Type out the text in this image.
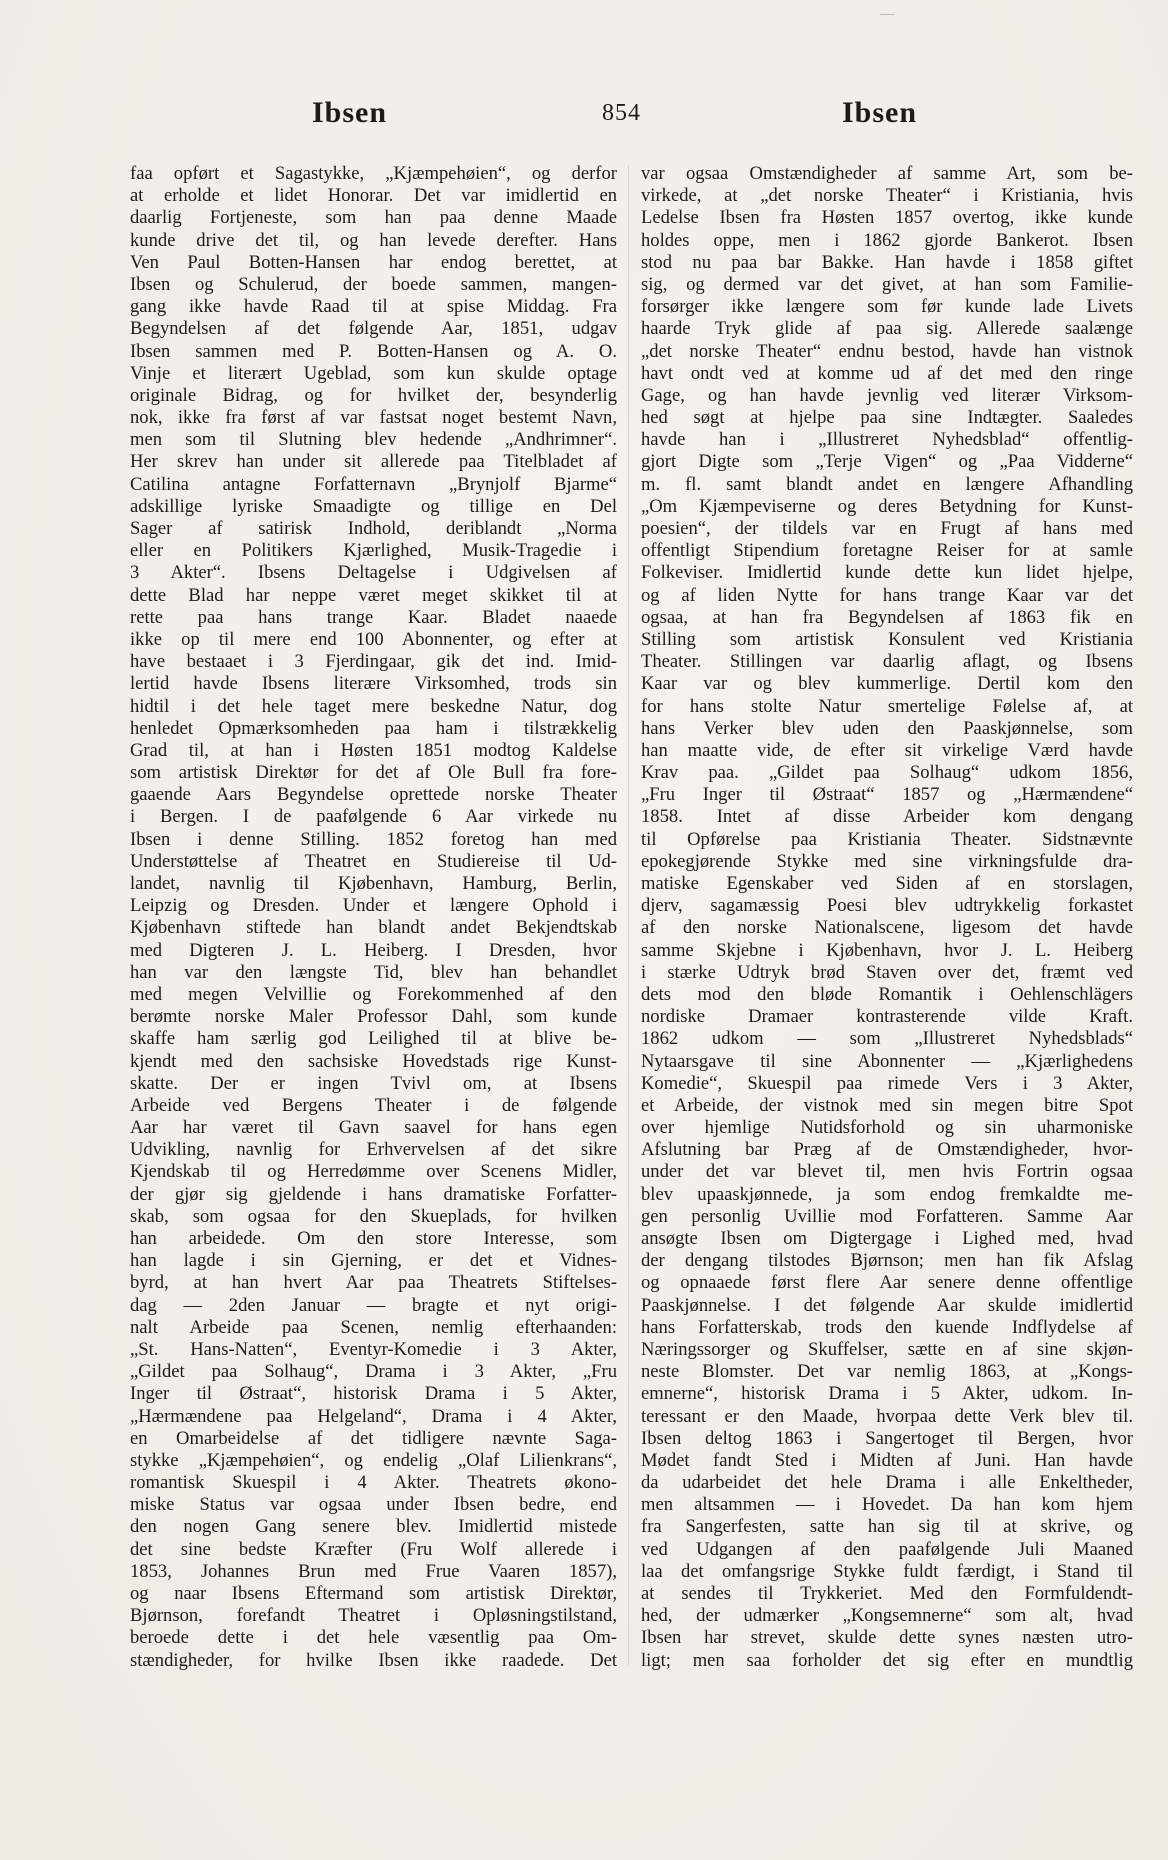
Ibsen	854	Ibsen
faa opført et Sagastykke, „Kjæmpehøien“, og derfor
at erholde et lidet Honorar. Det var imidlertid en
daarlig Fortjeneste, som han paa denne Maade
kunde drive det til, og han levede derefter. Hans
Ven Paul Botten-Hansen har endog berettet, at
Ibsen og Schulerud, der boede sammen, mangen-
gang ikke havde Raad til at spise Middag. Fra
Begyndelsen af det følgende Aar, 1851, udgav
Ibsen sammen med P. Botten-Hansen og A. O.
Vinje et literært Ugeblad, som kun skulde optage
originale Bidrag, og for hvilket der, besynderlig
nok, ikke fra først af var fastsat noget bestemt Navn,
men som til Slutning blev hedende „Andhrimner“.
Her skrev han under sit allerede paa Titelbladet af
Catilina antagne Forfatternavn „Brynjolf Bjarme“
adskillige lyriske Smaadigte og tillige en Del
Sager af satirisk Indhold, deriblandt „Norma
eller en Politikers Kjærlighed, Musik-Tragedie i
3 Akter“. Ibsens Deltagelse i Udgivelsen af
dette Blad har neppe været meget skikket til at
rette paa hans trange Kaar. Bladet naaede
ikke op til mere end 100 Abonnenter, og efter at
have bestaaet i 3 Fjerdingaar, gik det ind. Imid-
lertid havde Ibsens literære Virksomhed, trods sin
hidtil i det hele taget mere beskedne Natur, dog
henledet Opmærksomheden paa ham i tilstrækkelig
Grad til, at han i Høsten 1851 modtog Kaldelse
som artistisk Direktør for det af Ole Bull fra fore-
gaaende Aars Begyndelse oprettede norske Theater
i Bergen. I de paafølgende 6 Aar virkede nu
Ibsen i denne Stilling. 1852 foretog han med
Understøttelse af Theatret en Studiereise til Ud-
landet, navnlig til Kjøbenhavn, Hamburg, Berlin,
Leipzig og Dresden. Under et længere Ophold i
Kjøbenhavn stiftede han blandt andet Bekjendtskab
med Digteren J. L. Heiberg. I Dresden, hvor
han var den længste Tid, blev han behandlet
med megen Velvillie og Forekommenhed af den
berømte norske Maler Professor Dahl, som kunde
skaffe ham særlig god Leilighed til at blive be-
kjendt med den sachsiske Hovedstads rige Kunst-
skatte. Der er ingen Tvivl om, at Ibsens
Arbeide ved Bergens Theater i de følgende
Aar har været til Gavn saavel for hans egen
Udvikling, navnlig for Erhvervelsen af det sikre
Kjendskab til og Herredømme over Scenens Midler,
der gjør sig gjeldende i hans dramatiske Forfatter-
skab, som ogsaa for den Skueplads, for hvilken
han arbeidede. Om den store Interesse, som
han lagde i sin Gjerning, er det et Vidnes-
byrd, at han hvert Aar paa Theatrets Stiftelses-
dag — 2den Januar — bragte et nyt origi-
nalt Arbeide paa Scenen, nemlig efterhaanden:
„St. Hans-Natten“, Eventyr-Komedie i 3 Akter,
„Gildet paa Solhaug“, Drama i 3 Akter, „Fru
Inger til Østraat“, historisk Drama i 5 Akter,
„Hærmændene paa Helgeland“, Drama i 4 Akter,
en Omarbeidelse af det tidligere nævnte Saga-
stykke „Kjæmpehøien“, og endelig „Olaf Lilienkrans“,
romantisk Skuespil i 4 Akter. Theatrets økono-
miske Status var ogsaa under Ibsen bedre, end
den nogen Gang senere blev. Imidlertid mistede
det sine bedste Kræfter (Fru Wolf allerede i
1853, Johannes Brun med Frue Vaaren 1857),
og naar Ibsens Eftermand som artistisk Direktør,
Bjørnson, forefandt Theatret i Opløsningstilstand,
beroede dette i det hele væsentlig paa Om-
stændigheder, for hvilke Ibsen ikke raadede. Det
var ogsaa Omstændigheder af samme Art, som be-
virkede, at „det norske Theater“ i Kristiania, hvis
Ledelse Ibsen fra Høsten 1857 overtog, ikke kunde
holdes oppe, men i 1862 gjorde Bankerot. Ibsen
stod nu paa bar Bakke. Han havde i 1858 giftet
sig, og dermed var det givet, at han som Familie-
forsørger ikke længere som før kunde lade Livets
haarde Tryk glide af paa sig. Allerede saalænge
„det norske Theater“ endnu bestod, havde han vistnok
havt ondt ved at komme ud af det med den ringe
Gage, og han havde jevnlig ved literær Virksom-
hed søgt at hjelpe paa sine Indtægter. Saaledes
havde han i „Illustreret Nyhedsblad“ offentlig-
gjort Digte som „Terje Vigen“ og „Paa Vidderne“
m. fl. samt blandt andet en længere Afhandling
„Om Kjæmpeviserne og deres Betydning for Kunst-
poesien“, der tildels var en Frugt af hans med
offentligt Stipendium foretagne Reiser for at samle
Folkeviser. Imidlertid kunde dette kun lidet hjelpe,
og af liden Nytte for hans trange Kaar var det
ogsaa, at han fra Begyndelsen af 1863 fik en
Stilling som artistisk Konsulent ved Kristiania
Theater. Stillingen var daarlig aflagt, og Ibsens
Kaar var og blev kummerlige. Dertil kom den
for hans stolte Natur smertelige Følelse af, at
hans Verker blev uden den Paaskjønnelse, som
han maatte vide, de efter sit virkelige Værd havde
Krav paa. „Gildet paa Solhaug“ udkom 1856,
„Fru Inger til Østraat“ 1857 og „Hærmændene“
1858. Intet af disse Arbeider kom dengang
til Opførelse paa Kristiania Theater. Sidstnævnte
epokegjørende Stykke med sine virkningsfulde dra-
matiske Egenskaber ved Siden af en storslagen,
djerv, sagamæssig Poesi blev udtrykkelig forkastet
af den norske Nationalscene, ligesom det havde
samme Skjebne i Kjøbenhavn, hvor J. L. Heiberg
i stærke Udtryk brød Staven over det, fræmt ved
dets mod den bløde Romantik i Oehlenschlägers
nordiske Dramaer kontrasterende vilde Kraft.
1862 udkom — som „Illustreret Nyhedsblads“
Nytaarsgave til sine Abonnenter — „Kjærlighedens
Komedie“, Skuespil paa rimede Vers i 3 Akter,
et Arbeide, der vistnok med sin megen bitre Spot
over hjemlige Nutidsforhold og sin uharmoniske
Afslutning bar Præg af de Omstændigheder, hvor-
under det var blevet til, men hvis Fortrin ogsaa
blev upaaskjønnede, ja som endog fremkaldte me-
gen personlig Uvillie mod Forfatteren. Samme Aar
ansøgte Ibsen om Digtergage i Lighed med, hvad
der dengang tilstodes Bjørnson; men han fik Afslag
og opnaaede først flere Aar senere denne offentlige
Paaskjønnelse. I det følgende Aar skulde imidlertid
hans Forfatterskab, trods den kuende Indflydelse af
Næringssorger og Skuffelser, sætte en af sine skjøn-
neste Blomster. Det var nemlig 1863, at „Kongs-
emnerne“, historisk Drama i 5 Akter, udkom. In-
teressant er den Maade, hvorpaa dette Verk blev til.
Ibsen deltog 1863 i Sangertoget til Bergen, hvor
Mødet fandt Sted i Midten af Juni. Han havde
da udarbeidet det hele Drama i alle Enkeltheder,
men altsammen — i Hovedet. Da han kom hjem
fra Sangerfesten, satte han sig til at skrive, og
ved Udgangen af den paafølgende Juli Maaned
laa det omfangsrige Stykke fuldt færdigt, i Stand til
at sendes til Trykkeriet. Med den Formfuldendt-
hed, der udmærker „Kongsemnerne“ som alt, hvad
Ibsen har strevet, skulde dette synes næsten utro-
ligt; men saa forholder det sig efter en mundtlig
